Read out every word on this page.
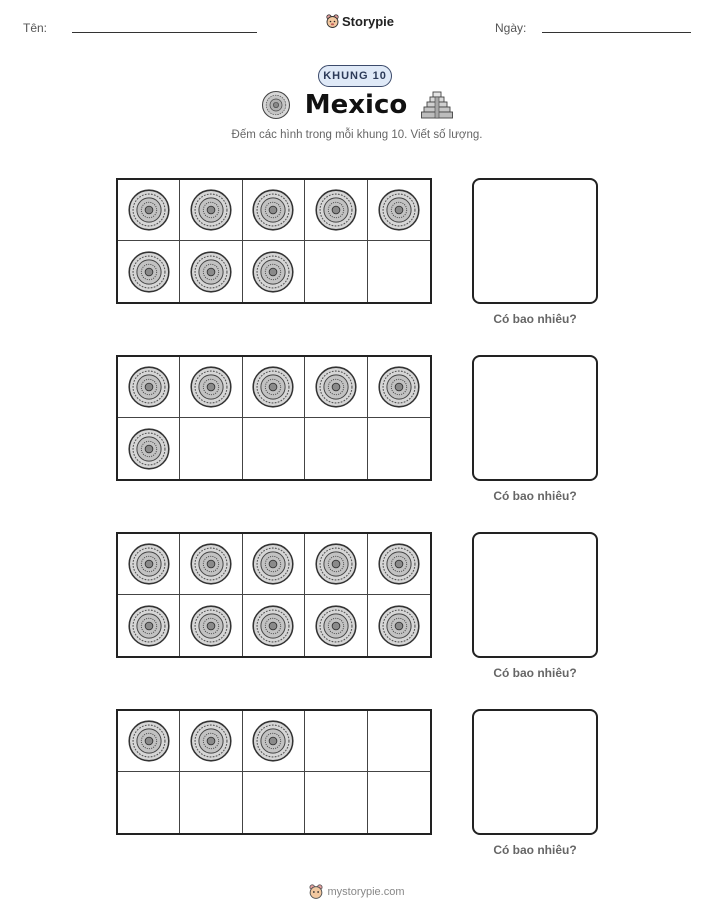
Tên:	Storypie	Ngày:
KHUNG 10
Mexico
Đếm các hình trong mỗi khung 10. Viết số lượng.
Có bao nhiêu?
Có bao nhiêu?
Có bao nhiêu?
Có bao nhiêu?
mystorypie.com
